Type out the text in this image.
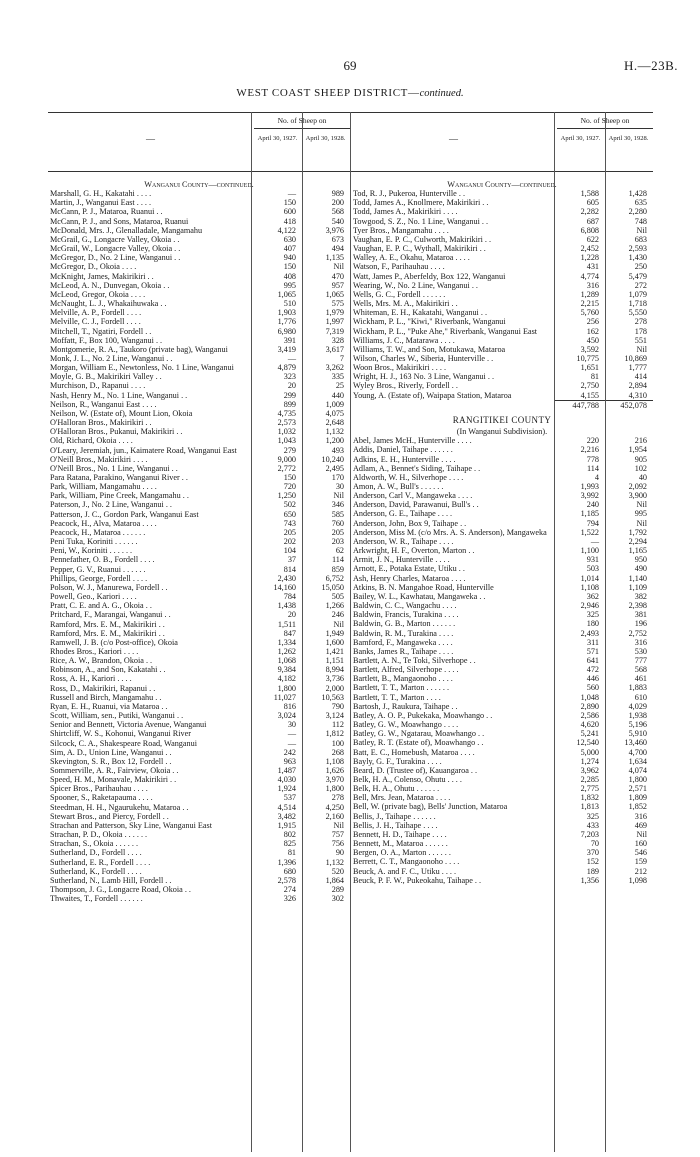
69	H.—23B.
WEST COAST SHEEP DISTRICT—continued.
—
No. of Sheep on
April 30, 1927.	April 30, 1928.
Wanganui County—continued.
Marshall, G. H., Kakatahi . . . .	—	989
Martin, J., Wanganui East . . . .	150	200
McCann, P. J., Mataroa, Ruanui . .	600	568
McCann, P. J., and Sons, Mataroa, Ruanui	418	540
McDonald, Mrs. J., Glenalladale, Mangamahu	4,122	3,976
McGrail, G., Longacre Valley, Okoia . .	630	673
McGrail, W., Longacre Valley, Okoia . .	407	494
McGregor, D., No. 2 Line, Wanganui . .	940	1,135
McGregor, D., Okoia . . . .	150	Nil
McKnight, James, Makirikiri . .	408	470
McLeod, A. N., Dunvegan, Okoia . .	995	957
McLeod, Gregor, Okoia . . . .	1,065	1,065
McNaught, L. J., Whakaihuwaka . .	510	575
Melville, A. P., Fordell . . . .	1,903	1,979
Melville, C. J., Fordell . . . .	1,776	1,997
Mitchell, T., Ngatiri, Fordell . .	6,980	7,319
Moffatt, F., Box 100, Wanganui . .	391	328
Montgomerie, R. A., Taukoro (private bag), Wanganui	3,419	3,617
Monk, J. L., No. 2 Line, Wanganui . .	—	7
Morgan, William E., Newtonless, No. 1 Line, Wanganui	4,879	3,262
Moyle, G. B., Makirikiri Valley . .	323	335
Murchison, D., Rapanui . . . .	20	25
Nash, Henry M., No. 1 Line, Wanganui . .	299	440
Neilson, R., Wanganui East . . . .	899	1,009
Neilson, W. (Estate of), Mount Lion, Okoia	4,735	4,075
O'Halloran Bros., Makirikiri . .	2,573	2,648
O'Halloran Bros., Pukanui, Makirikiri . .	1,032	1,132
Old, Richard, Okoia . . . .	1,043	1,200
O'Leary, Jeremiah, jun., Kaimatere Road, Wanganui East	279	493
O'Neill Bros., Makirikiri . . . .	9,000	10,240
O'Neill Bros., No. 1 Line, Wanganui . .	2,772	2,495
Para Ratana, Parakino, Wanganui River . .	150	170
Park, William, Mangamahu . . . .	720	30
Park, William, Pine Creek, Mangamahu . .	1,250	Nil
Paterson, J., No. 2 Line, Wanganui . .	502	346
Patterson, J. C., Gordon Park, Wanganui East	650	585
Peacock, H., Alva, Mataroa . . . .	743	760
Peacock, H., Mataroa . . . . . .	205	205
Peni Tuka, Koriniti . . . . . .	202	203
Peni, W., Koriniti . . . . . .	104	62
Pennefather, O. B., Fordell . . . .	37	114
Pepper, G. V., Ruanui . . . . . .	814	859
Phillips, George, Fordell . . . .	2,430	6,752
Polson, W. J., Manurewa, Fordell . .	14,160	15,050
Powell, Geo., Kariori . . . .	784	505
Pratt, C. E. and A. G., Okoia . .	1,438	1,266
Pritchard, F., Marangai, Wanganui . .	20	246
Ramford, Mrs. E. M., Makirikiri . .	1,511	Nil
Ramford, Mrs. E. M., Makirikiri . .	847	1,949
Ramwell, J. B. (c/o Post-office), Okoia	1,334	1,600
Rhodes Bros., Kariori . . . .	1,262	1,421
Rice, A. W., Brandon, Okoia . .	1,068	1,151
Robinson, A., and Son, Kakatahi . .	9,384	8,994
Ross, A. H., Kariori . . . .	4,182	3,736
Ross, D., Makirikiri, Rapanui . .	1,800	2,000
Russell and Birch, Mangamahu . .	11,027	10,563
Ryan, E. H., Ruanui, via Mataroa . .	816	790
Scott, William, sen., Putiki, Wanganui . .	3,024	3,124
Senior and Bennett, Victoria Avenue, Wanganui	30	112
Shirtcliff, W. S., Kohonui, Wanganui River	—	1,812
Silcock, C. A., Shakespeare Road, Wanganui	—	100
Sim, A. D., Union Line, Wanganui . .	242	268
Skevington, S. R., Box 12, Fordell . .	963	1,108
Sommerville, A. R., Fairview, Okoia . .	1,487	1,626
Speed, H. M., Monavale, Makirikiri . .	4,030	3,970
Spicer Bros., Parihauhau . . . .	1,924	1,800
Spooner, S., Raketapauma . . . .	537	278
Steedman, H. H., Ngaurukehu, Mataroa . .	4,514	4,250
Stewart Bros., and Piercy, Fordell . .	3,482	2,160
Strachan and Patterson, Sky Line, Wanganui East	1,915	Nil
Strachan, P. D., Okoia . . . . . .	802	757
Strachan, S., Okoia . . . . . .	825	756
Sutherland, D., Fordell . . . .	81	90
Sutherland, E. R., Fordell . . . .	1,396	1,132
Sutherland, K., Fordell . . . .	680	520
Sutherland, N., Lamb Hill, Fordell . .	2,578	1,864
Thompson, J. G., Longacre Road, Okoia . .	274	289
Thwaites, T., Fordell . . . . . .	326	302
—
No. of Sheep on
April 30, 1927.	April 30, 1928.
Wanganui County—continued.
Tod, R. J., Pukeroa, Hunterville . .	1,588	1,428
Todd, James A., Knollmere, Makirikiri . .	605	635
Todd, James A., Makirikiri . . . .	2,282	2,280
Towgood, S. Z., No. 1 Line, Wanganui . .	687	748
Tyer Bros., Mangamahu . . . .	6,808	Nil
Vaughan, E. P. C., Culworth, Makirikiri . .	622	683
Vaughan, E. P. C., Wythall, Makirikiri . .	2,452	2,593
Walley, A. E., Okahu, Mataroa . . . .	1,228	1,430
Watson, F., Parihauhau . . . .	431	250
Watt, James P., Aberfeldy, Box 122, Wanganui	4,774	5,479
Wearing, W., No. 2 Line, Wanganui . .	316	272
Wells, G. C., Fordell . . . . . .	1,289	1,079
Wells, Mrs. M. A., Makirikiri . .	2,215	1,718
Whiteman, E. H., Kakatahi, Wanganui . .	5,760	5,550
Wickham, P. L., "Kiwi," Riverbank, Wanganui	256	278
Wickham, P. L., "Puke Ahe," Riverbank, Wanganui East	162	178
Williams, J. C., Matarawa . . . .	450	551
Williams, T. W., and Son, Motukawa, Mataroa	3,592	Nil
Wilson, Charles W., Siberia, Hunterville . .	10,775	10,869
Woon Bros., Makirikiri . . . .	1,651	1,777
Wright, H. J., 163 No. 3 Line, Wanganui . .	81	414
Wyley Bros., Riverly, Fordell . .	2,750	2,894
Young, A. (Estate of), Waipapa Station, Mataroa	4,155	4,310
447,788	452,078
RANGITIKEI COUNTY
(In Wanganui Subdivision).
Abel, James McH., Hunterville . . . .	220	216
Addis, Daniel, Taihape . . . . . .	2,216	1,954
Adkins, E. H., Hunterville . . . .	778	905
Adlam, A., Bennet's Siding, Taihape . .	114	102
Aldworth, W. H., Silverhope . . . .	4	40
Amon, A. W., Bull's . . . . . .	1,993	2,092
Anderson, Carl V., Mangaweka . . . .	3,992	3,900
Anderson, David, Parawanui, Bull's . .	240	Nil
Anderson, G. E., Taihape . . . .	1,185	995
Anderson, John, Box 9, Taihape . .	794	Nil
Anderson, Miss M. (c/o Mrs. A. S. Anderson), Mangaweka	1,522	1,792
Anderson, W. R., Taihape . . . .	—	2,294
Arkwright, H. F., Overton, Marton . .	1,100	1,165
Armit, J. N., Hunterville . . . .	931	950
Arnott, E., Potaka Estate, Utiku . .	503	490
Ash, Henry Charles, Mataroa . . . .	1,014	1,140
Atkins, B. N. Mangahoe Road, Hunterville	1,108	1,109
Bailey, W. L., Kawhatau, Mangaweka . .	362	382
Baldwin, C. C., Wangachu . . . .	2,946	2,398
Baldwin, Francis, Turakina . . . .	325	381
Baldwin, G. B., Marton . . . . . .	180	196
Baldwin, R. M., Turakina . . . .	2,493	2,752
Bamford, F., Mangaweka . . . .	311	316
Banks, James R., Taihape . . . .	571	530
Bartlett, A. N., Te Toki, Silverhope . .	641	777
Bartlett, Alfred, Silverhope . . . .	472	568
Bartlett, B., Mangaonoho . . . .	446	461
Bartlett, T. T., Marton . . . . . .	560	1,883
Bartlett, T. T., Marton . . . .	1,048	610
Bartosh, J., Raukura, Taihape . .	2,890	4,029
Batley, A. O. P., Pukekaka, Moawhango . .	2,586	1,938
Batley, G. W., Moawhango . . . .	4,620	5,196
Batley, G. W., Ngatarau, Moawhango . .	5,241	5,910
Batley, R. T. (Estate of), Moawhango . .	12,540	13,460
Batt, E. C., Homebush, Mataroa . . . .	5,000	4,700
Bayly, G. F., Turakina . . . .	1,274	1,634
Beard, D. (Trustee of), Kauangaroa . .	3,962	4,074
Belk, H. A., Colenso, Ohutu . . . .	2,285	1,800
Belk, H. A., Ohutu . . . . . .	2,775	2,571
Bell, Mrs. Jean, Mataroa . . . .	1,832	1,809
Bell, W. (private bag), Bells' Junction, Mataroa	1,813	1,852
Bellis, J., Taihape . . . . . .	325	316
Bellis, J. H., Taihape . . . .	433	469
Bennett, H. D., Taihape . . . .	7,203	Nil
Bennett, M., Mataroa . . . . . .	70	160
Bergen, O. A., Marton . . . . . .	370	546
Berrett, C. T., Mangaonoho . . . .	152	159
Beuck, A. and F. C., Utiku . . . .	189	212
Beuck, P. F. W., Pukeokahu, Taihape . .	1,356	1,098
